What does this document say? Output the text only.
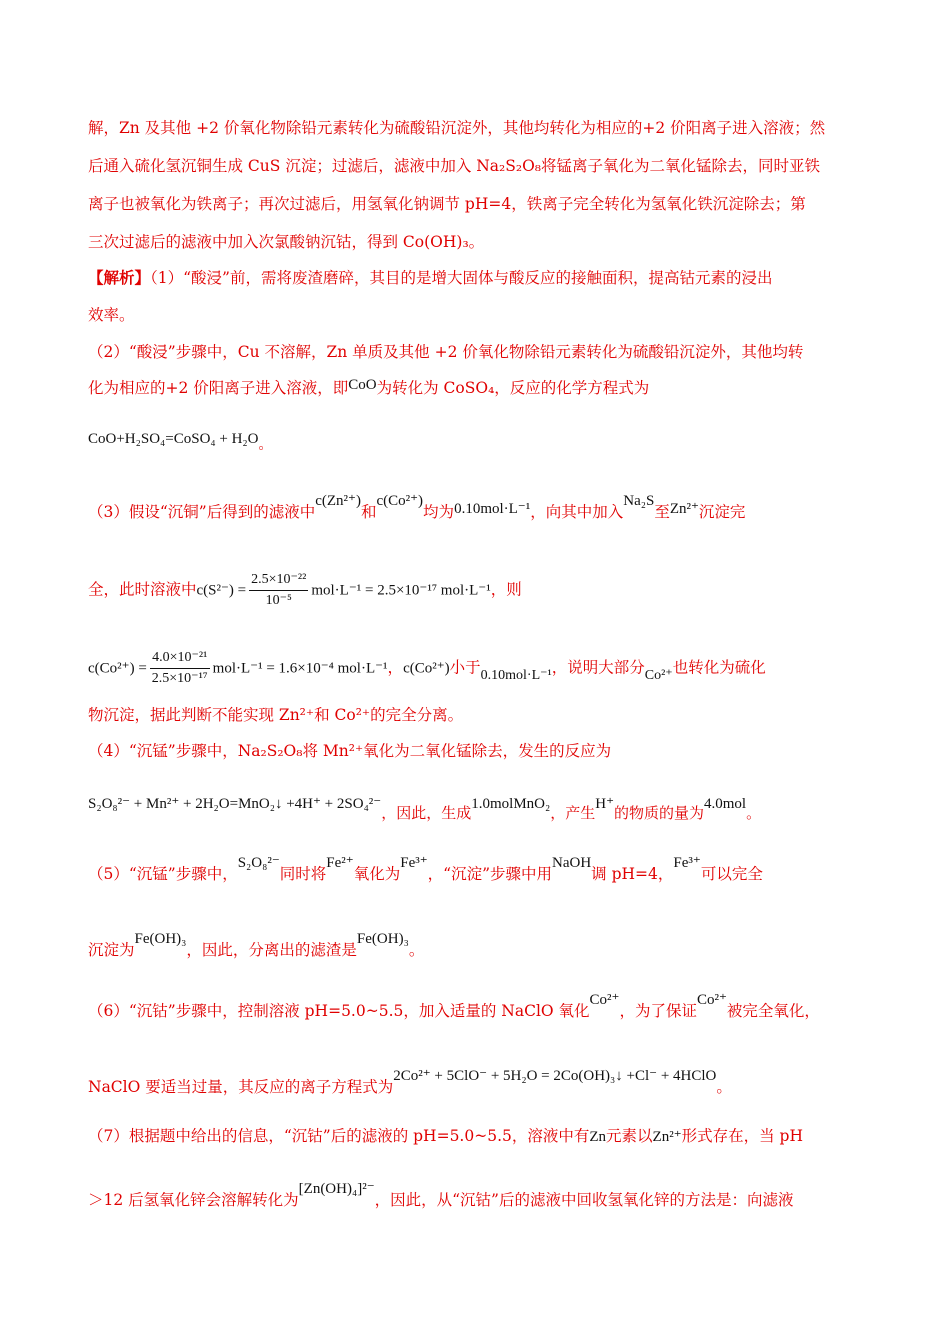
解，Zn 及其他 +2 价氧化物除铅元素转化为硫酸铅沉淀外，其他均转化为相应的+2 价阳离子进入溶液；然
后通入硫化氢沉铜生成 CuS 沉淀；过滤后，滤液中加入 Na₂S₂O₈将锰离子氧化为二氧化锰除去，同时亚铁
离子也被氧化为铁离子；再次过滤后，用氢氧化钠调节 pH=4，铁离子完全转化为氢氧化铁沉淀除去；第
三次过滤后的滤液中加入次氯酸钠沉钴，得到 Co(OH)₃。
【解析】（1）“酸浸”前，需将废渣磨碎，其目的是增大固体与酸反应的接触面积，提高钴元素的浸出
效率。
（2）“酸浸”步骤中，Cu 不溶解，Zn 单质及其他 +2 价氧化物除铅元素转化为硫酸铅沉淀外，其他均转
化为相应的+2 价阳离子进入溶液，即CoO为转化为 CoSO₄，反应的化学方程式为
CoO+H₂SO₄=CoSO₄ + H₂O。
（3）假设“沉铜”后得到的滤液中c(Zn²⁺)和c(Co²⁺)均为0.10mol·L⁻¹，向其中加入Na₂S至Zn²⁺沉淀完
全，此时溶液中$c(S^{2-}) = \frac{\text{2.5×10⁻²²}}{\text{10⁻⁵}} mol\cdot L^{-1} = 2.5\times 10^{-17}$ mol·L⁻¹，则
$c(Co^{2+}) = \frac{\text{4.0×10⁻²¹}}{\text{2.5×10⁻¹⁷}} mol\cdot L^{-1} = 1.6\times 10^{-4}$ mol·L⁻¹，c(Co²⁺)小于0.10mol·L⁻¹，说明大部分Co²⁺也转化为硫化
物沉淀，据此判断不能实现 Zn²⁺和 Co²⁺的完全分离。
（4）“沉锰”步骤中，Na₂S₂O₈将 Mn²⁺氧化为二氧化锰除去，发生的反应为
S₂O₈²⁻ + Mn²⁺ + 2H₂O=MnO₂↓ +4H⁺ + 2SO₄²⁻，因此，生成1.0molMnO₂，产生H⁺的物质的量为4.0mol。
（5）“沉锰”步骤中，S₂O₈²⁻同时将Fe²⁺氧化为Fe³⁺，“沉淀”步骤中用NaOH调 pH=4，Fe³⁺可以完全
沉淀为Fe(OH)₃，因此，分离出的滤渣是Fe(OH)₃。
（6）“沉钴”步骤中，控制溶液 pH=5.0~5.5，加入适量的 NaClO 氧化Co²⁺，为了保证Co²⁺被完全氧化，
NaClO 要适当过量，其反应的离子方程式为2Co²⁺ + 5ClO⁻ + 5H₂O = 2Co(OH)₃↓ +Cl⁻ + 4HClO。
（7）根据题中给出的信息，“沉钴”后的滤液的 pH=5.0~5.5，溶液中有Zn元素以Zn²⁺形式存在，当 pH
＞12 后氢氧化锌会溶解转化为[Zn(OH)₄]²⁻，因此，从“沉钴”后的滤液中回收氢氧化锌的方法是：向滤液
